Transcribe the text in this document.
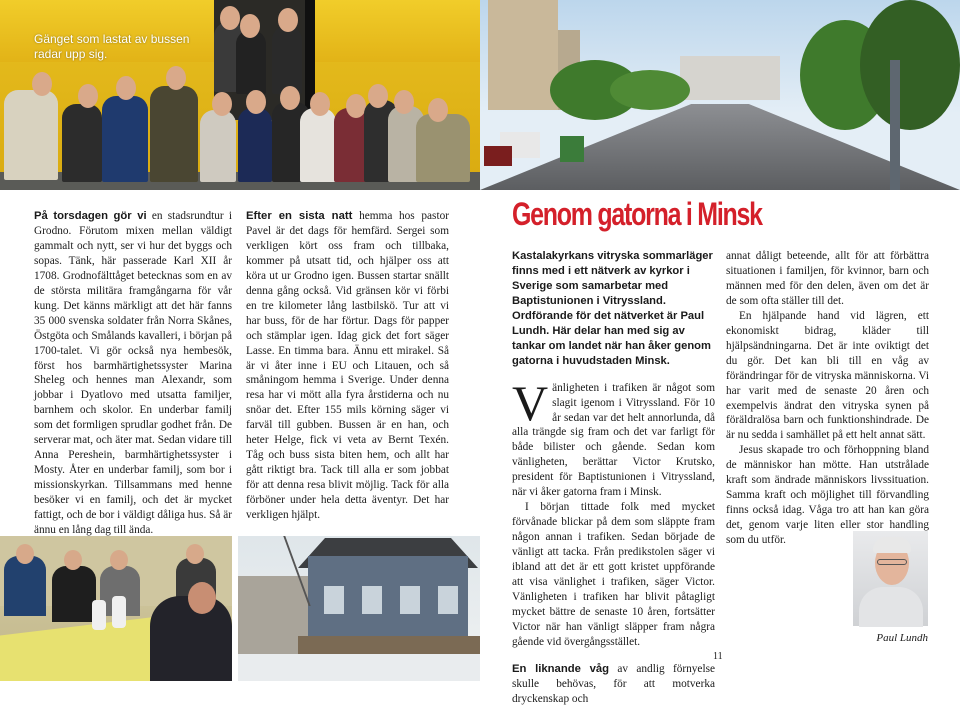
Gänget som lastat av bussen radar upp sig.

På torsdagen gör vi en stadsrundtur i Grodno. Förutom mixen mellan väldigt gammalt och nytt, ser vi hur det byggs och sopas. Tänk, här passerade Karl XII år 1708. Grodnofälttåget betecknas som en av de största militära framgångarna för vår kung. Det känns märkligt att det här fanns 35 000 svenska soldater från Norra Skånes, Östgöta och Smålands kavalleri, i början på 1700-talet. Vi gör också nya hembesök, först hos barmhärtighetssyster Marina Sheleg och hennes man Alexandr, som jobbar i Dyatlovo med utsatta familjer, barnhem och skolor. En underbar familj som det formligen sprudlar godhet från. De serverar mat, och äter mat. Sedan vidare till Anna Pereshein, barmhärtighetssyster i Mosty. Åter en underbar familj, som bor i missionskyrkan. Tillsammans med henne besöker vi en familj, och det är mycket fattigt, och de bor i väldigt dåliga hus. Så är ännu en lång dag till ända.

Efter en sista natt hemma hos pastor Pavel är det dags för hemfärd. Sergei som verkligen kört oss fram och tillbaka, kommer på utsatt tid, och hjälper oss att köra ut ur Grodno igen. Bussen startar snällt denna gång också. Vid gränsen kör vi förbi en tre kilometer lång lastbilskö. Tur att vi har buss, för de har förtur. Dags för papper och stämplar igen. Idag gick det fort säger Lasse. En timma bara. Ännu ett mirakel. Så är vi åter inne i EU och Litauen, och så småningom hemma i Sverige. Under denna resa har vi mött alla fyra årstiderna och nu snöar det. Efter 155 mils körning säger vi farväl till gubben. Bussen är en han, och heter Helge, fick vi veta av Bernt Texén. Tåg och buss sista biten hem, och allt har gått riktigt bra. Tack till alla er som jobbat för att denna resa blivit möjlig. Tack för alla förböner under hela detta äventyr. Det har verkligen hjälpt.

Genom gatorna i Minsk

Kastalakyrkans vitryska sommarläger finns med i ett nätverk av kyrkor i Sverige som samarbetar med Baptistunionen i Vitryssland. Ordförande för det nätverket är Paul Lundh. Här delar han med sig av tankar om landet när han åker genom gatorna i huvudstaden Minsk.

Vänligheten i trafiken är något som slagit igenom i Vitryssland. För 10 år sedan var det helt annorlunda, då alla trängde sig fram och det var farligt för både bilister och gående. Sedan kom vänligheten, berättar Victor Krutsko, president för Baptistunionen i Vitryssland, när vi åker gatorna fram i Minsk.

I början tittade folk med mycket förvånade blickar på dem som släppte fram någon annan i trafiken. Sedan började de vänligt att tacka. Från predikstolen säger vi ibland att det är ett gott kristet uppförande att visa vänlighet i trafiken, säger Victor. Vänligheten i trafiken har blivit påtagligt mycket bättre de senaste 10 åren, fortsätter Victor när han vänligt släpper fram några gående vid övergångsstället.

En liknande våg av andlig förnyelse skulle behövas, för att motverka dryckenskap och

annat dåligt beteende, allt för att förbättra situationen i familjen, för kvinnor, barn och männen med för den delen, även om det är de som ofta ställer till det.

En hjälpande hand vid lägren, ett ekonomiskt bidrag, kläder till hjälpsändningarna. Det är inte oviktigt det du gör. Det kan bli till en våg av förändringar för de vitryska människorna. Vi har varit med de senaste 20 åren och exempelvis ändrat den vitryska synen på föräldralösa barn och funktionshindrade. De är nu sedda i samhället på ett helt annat sätt.

Jesus skapade tro och förhoppning bland de människor han mötte. Han utstrålade kraft som ändrade människors livssituation. Samma kraft och möjlighet till förvandling finns också idag. Våga tro att han kan göra det, genom varje liten eller stor handling som du utför.

Paul Lundh
11
